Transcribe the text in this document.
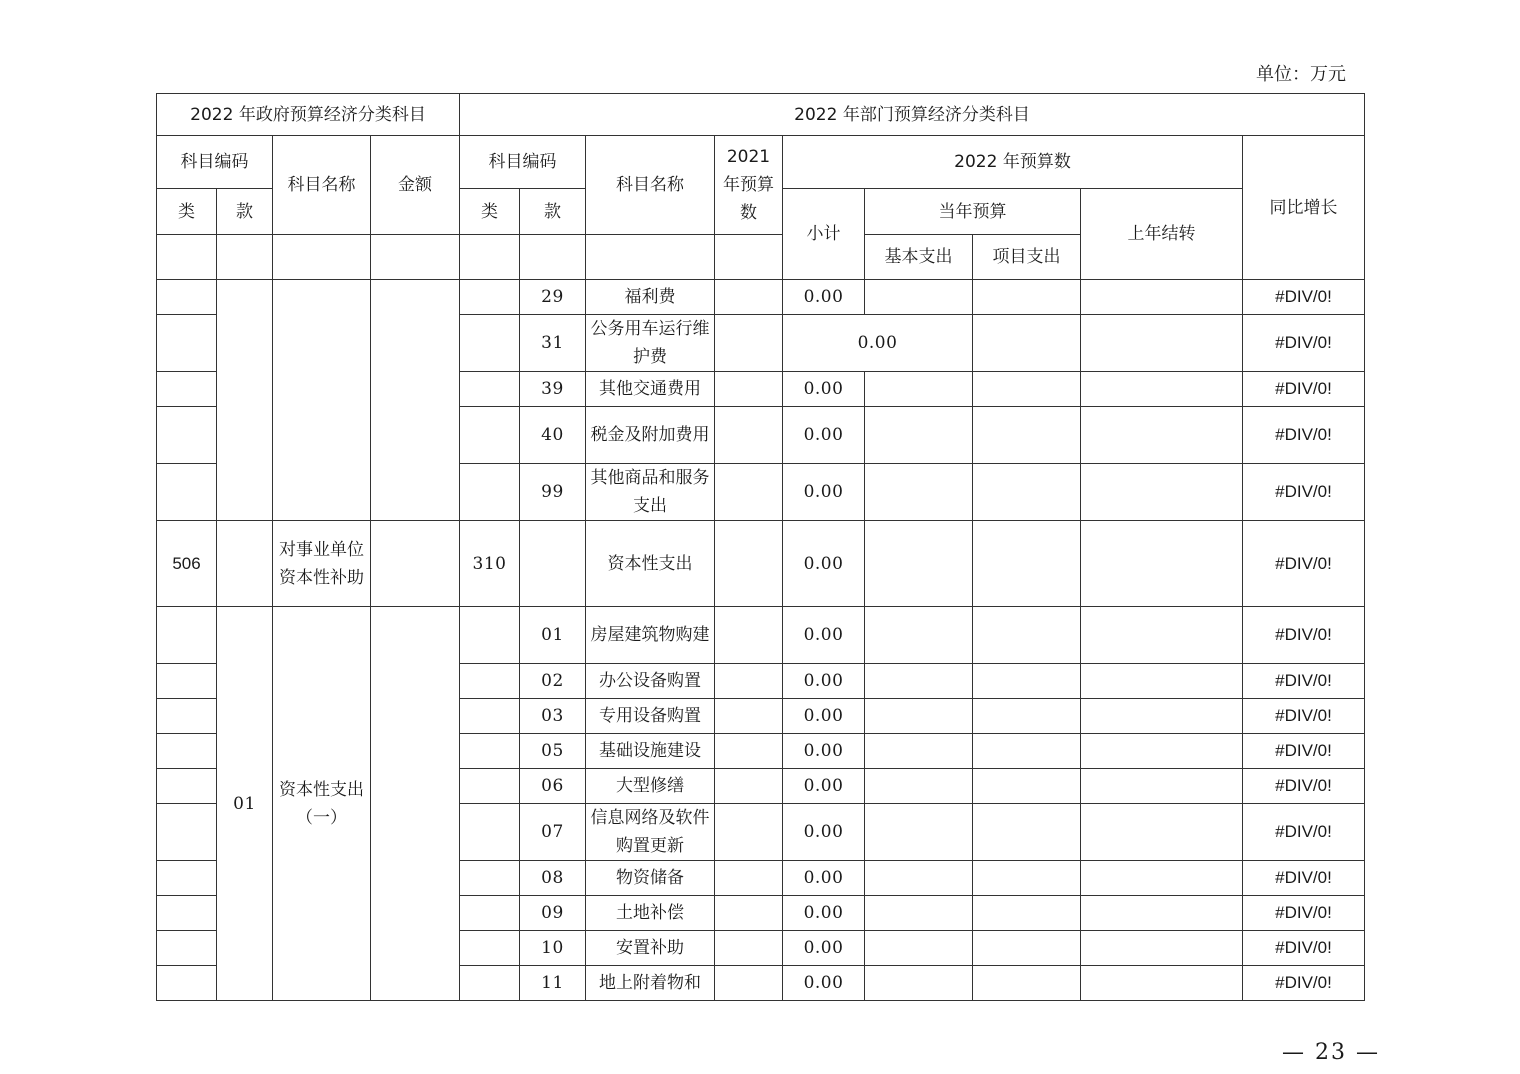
单位：万元
2022 年政府预算经济分类科目				2022 年部门预算经济分类科目								
科目编码		科目名称	金额	科目编码		科目名称	2021年预算数	2022 年预算数				同比增长
类	款			类	款			小计	当年预算		上年结转	
									基本支出	项目支出		
					29	福利费		0.00				#DIV/0!
					31	公务用车运行维护费		0.00				#DIV/0!
					39	其他交通费用		0.00				#DIV/0!
					40	税金及附加费用		0.00				#DIV/0!
					99	其他商品和服务支出		0.00				#DIV/0!
506		对事业单位资本性补助		310		资本性支出		0.00				#DIV/0!
	01	资本性支出（一）			01	房屋建筑物购建		0.00				#DIV/0!
					02	办公设备购置		0.00				#DIV/0!
					03	专用设备购置		0.00				#DIV/0!
					05	基础设施建设		0.00				#DIV/0!
					06	大型修缮		0.00				#DIV/0!
					07	信息网络及软件购置更新		0.00				#DIV/0!
					08	物资储备		0.00				#DIV/0!
					09	土地补偿		0.00				#DIV/0!
					10	安置补助		0.00				#DIV/0!
					11	地上附着物和		0.00				#DIV/0!
— 23 —
